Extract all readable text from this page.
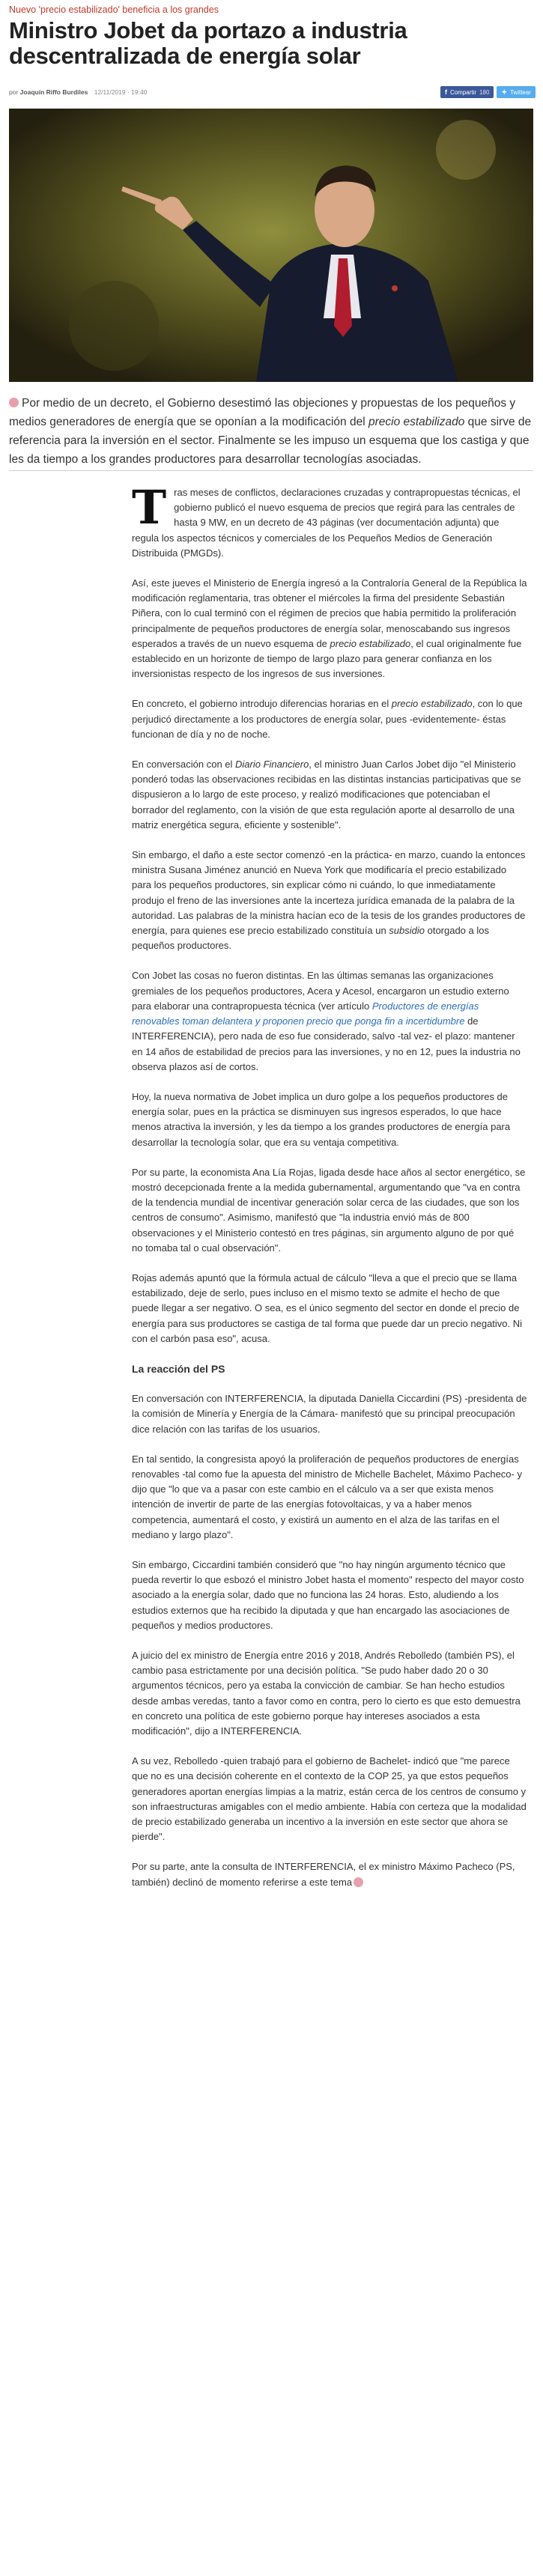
Nuevo 'precio estabilizado' beneficia a los grandes
Ministro Jobet da portazo a industria descentralizada de energía solar
por Joaquín Riffo Burdiles 12/11/2019 · 19:40	f Compartir 180 ✦ Twittear
Por medio de un decreto, el Gobierno desestimó las objeciones y propuestas de los pequeños y medios generadores de energía que se oponían a la modificación del precio estabilizado que sirve de referencia para la inversión en el sector. Finalmente se les impuso un esquema que los castiga y que les da tiempo a los grandes productores para desarrollar tecnologías asociadas.

Tras meses de conflictos, declaraciones cruzadas y contrapropuestas técnicas, el gobierno publicó el nuevo esquema de precios que regirá para las centrales de hasta 9 MW, en un decreto de 43 páginas (ver documentación adjunta) que regula los aspectos técnicos y comerciales de los Pequeños Medios de Generación Distribuida (PMGDs).

Así, este jueves el Ministerio de Energía ingresó a la Contraloría General de la República la modificación reglamentaria, tras obtener el miércoles la firma del presidente Sebastián Piñera, con lo cual terminó con el régimen de precios que había permitido la proliferación principalmente de pequeños productores de energía solar, menoscabando sus ingresos esperados a través de un nuevo esquema de precio estabilizado, el cual originalmente fue establecido en un horizonte de tiempo de largo plazo para generar confianza en los inversionistas respecto de los ingresos de sus inversiones.

En concreto, el gobierno introdujo diferencias horarias en el precio estabilizado, con lo que perjudicó directamente a los productores de energía solar, pues -evidentemente- éstas funcionan de día y no de noche.

En conversación con el Diario Financiero, el ministro Juan Carlos Jobet dijo "el Ministerio ponderó todas las observaciones recibidas en las distintas instancias participativas que se dispusieron a lo largo de este proceso, y realizó modificaciones que potenciaban el borrador del reglamento, con la visión de que esta regulación aporte al desarrollo de una matriz energética segura, eficiente y sostenible".

Sin embargo, el daño a este sector comenzó -en la práctica- en marzo, cuando la entonces ministra Susana Jiménez anunció en Nueva York que modificaría el precio estabilizado para los pequeños productores, sin explicar cómo ni cuándo, lo que inmediatamente produjo el freno de las inversiones ante la incerteza jurídica emanada de la palabra de la autoridad. Las palabras de la ministra hacían eco de la tesis de los grandes productores de energía, para quienes ese precio estabilizado constituía un subsidio otorgado a los pequeños productores.

Con Jobet las cosas no fueron distintas. En las últimas semanas las organizaciones gremiales de los pequeños productores, Acera y Acesol, encargaron un estudio externo para elaborar una contrapropuesta técnica (ver artículo Productores de energías renovables toman delantera y proponen precio que ponga fin a incertidumbre de INTERFERENCIA), pero nada de eso fue considerado, salvo -tal vez- el plazo: mantener en 14 años de estabilidad de precios para las inversiones, y no en 12, pues la industria no observa plazos así de cortos.

Hoy, la nueva normativa de Jobet implica un duro golpe a los pequeños productores de energía solar, pues en la práctica se disminuyen sus ingresos esperados, lo que hace menos atractiva la inversión, y les da tiempo a los grandes productores de energía para desarrollar la tecnología solar, que era su ventaja competitiva.

Por su parte, la economista Ana Lía Rojas, ligada desde hace años al sector energético, se mostró decepcionada frente a la medida gubernamental, argumentando que "va en contra de la tendencia mundial de incentivar generación solar cerca de las ciudades, que son los centros de consumo". Asimismo, manifestó que "la industria envió más de 800 observaciones y el Ministerio contestó en tres páginas, sin argumento alguno de por qué no tomaba tal o cual observación".

Rojas además apuntó que la fórmula actual de cálculo "lleva a que el precio que se llama estabilizado, deje de serlo, pues incluso en el mismo texto se admite el hecho de que puede llegar a ser negativo. O sea, es el único segmento del sector en donde el precio de energía para sus productores se castiga de tal forma que puede dar un precio negativo. Ni con el carbón pasa eso", acusa.

La reacción del PS

En conversación con INTERFERENCIA, la diputada Daniella Ciccardini (PS) -presidenta de la comisión de Minería y Energía de la Cámara- manifestó que su principal preocupación dice relación con las tarifas de los usuarios.

En tal sentido, la congresista apoyó la proliferación de pequeños productores de energías renovables -tal como fue la apuesta del ministro de Michelle Bachelet, Máximo Pacheco- y dijo que "lo que va a pasar con este cambio en el cálculo va a ser que exista menos intención de invertir de parte de las energías fotovoltaicas, y va a haber menos competencia, aumentará el costo, y existirá un aumento en el alza de las tarifas en el mediano y largo plazo".

Sin embargo, Ciccardini también consideró que "no hay ningún argumento técnico que pueda revertir lo que esbozó el ministro Jobet hasta el momento" respecto del mayor costo asociado a la energía solar, dado que no funciona las 24 horas. Esto, aludiendo a los estudios externos que ha recibido la diputada y que han encargado las asociaciones de pequeños y medios productores.

A juicio del ex ministro de Energía entre 2016 y 2018, Andrés Rebolledo (también PS), el cambio pasa estrictamente por una decisión política. "Se pudo haber dado 20 o 30 argumentos técnicos, pero ya estaba la convicción de cambiar. Se han hecho estudios desde ambas veredas, tanto a favor como en contra, pero lo cierto es que esto demuestra en concreto una política de este gobierno porque hay intereses asociados a esta modificación", dijo a INTERFERENCIA.

A su vez, Rebolledo -quien trabajó para el gobierno de Bachelet- indicó que "me parece que no es una decisión coherente en el contexto de la COP 25, ya que estos pequeños generadores aportan energías limpias a la matriz, están cerca de los centros de consumo y son infraestructuras amigables con el medio ambiente. Había con certeza que la modalidad de precio estabilizado generaba un incentivo a la inversión en este sector que ahora se pierde".

Por su parte, ante la consulta de INTERFERENCIA, el ex ministro Máximo Pacheco (PS, también) declinó de momento referirse a este tema
